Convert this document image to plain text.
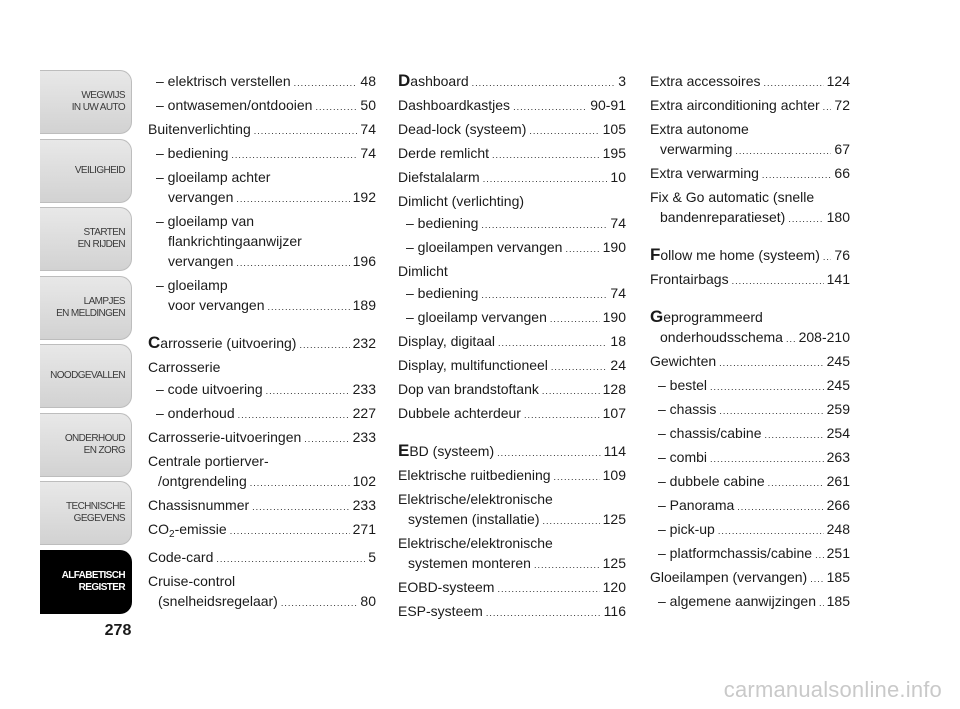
WEGWIJS
IN UW AUTO
VEILIGHEID
STARTEN
EN RIJDEN
LAMPJES
EN MELDINGEN
NOODGEVALLEN
ONDERHOUD
EN ZORG
TECHNISCHE
GEGEVENS
ALFABETISCH
REGISTER
278
– elektrisch verstellen .....	48
– ontwasemen/ontdooien .....	50
Buitenverlichting .....	74
– bediening .....	74
– gloeilamp achter
vervangen .....	192
– gloeilamp van
flankrichtingaanwijzer
vervangen .....	196
– gloeilamp
voor vervangen .....	189
Carrosserie (uitvoering) .....	232
Carrosserie
– code uitvoering .....	233
– onderhoud .....	227
Carrosserie-uitvoeringen .....	233
Centrale portierver-
/ontgrendeling .....	102
Chassisnummer .....	233
$CO_2$-emissie .....	271
Code-card .....	5
Cruise-control
(snelheidsregelaar) .....	80
Dashboard .....	3
Dashboardkastjes .....	90-91
Dead-lock (systeem) .....	105
Derde remlicht .....	195
Diefstalalarm .....	10
Dimlicht (verlichting)
– bediening .....	74
– gloeilampen vervangen .....	190
Dimlicht
– bediening .....	74
– gloeilamp vervangen .....	190
Display, digitaal .....	18
Display, multifunctioneel .....	24
Dop van brandstoftank .....	128
Dubbele achterdeur .....	107
EBD (systeem) .....	114
Elektrische ruitbediening .....	109
Elektrische/elektronische
systemen (installatie) .....	125
Elektrische/elektronische
systemen monteren .....	125
EOBD-systeem .....	120
ESP-systeem .....	116
Extra accessoires .....	124
Extra airconditioning achter ..... 72
Extra autonome
verwarming .....	67
Extra verwarming .....	66
Fix & Go automatic (snelle
bandenreparatieset) .....	180
Follow me home (systeem) ..... 76
Frontairbags .....	141
Geprogrammeerd
onderhoudsschema ..... 208-210
Gewichten .....	245
– bestel .....	245
– chassis .....	259
– chassis/cabine .....	254
– combi .....	263
– dubbele cabine .....	261
– Panorama .....	266
– pick-up .....	248
– platformchassis/cabine ..... 251
Gloeilampen (vervangen) ..... 185
– algemene aanwijzingen ..... 185
carmanualsonline.info
